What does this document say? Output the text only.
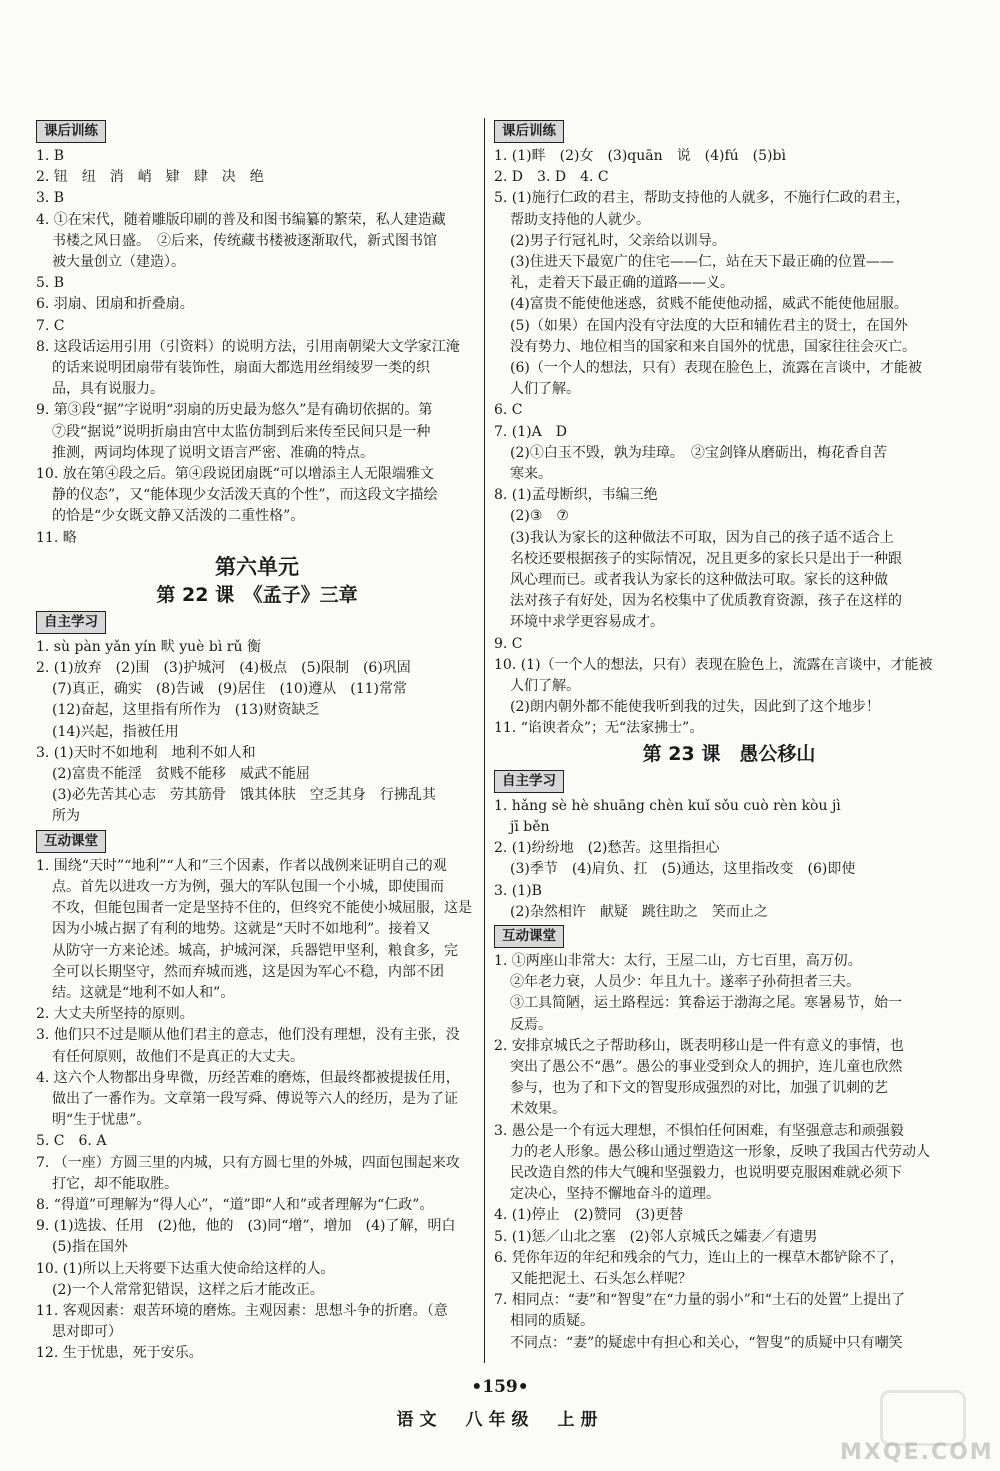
课后训练
1. B
2. 钮　纽　消　峭　肄　肆　决　绝
3. B
4. ①在宋代，随着雕版印刷的普及和图书编纂的繁荣，私人建造藏
书楼之风日盛。　②后来，传统藏书楼被逐渐取代，新式图书馆
被大量创立（建造）。
5. B
6. 羽扇、团扇和折叠扇。
7. C
8. 这段话运用引用（引资料）的说明方法，引用南朝梁大文学家江淹
的话来说明团扇带有装饰性，扇面大都选用丝绢绫罗一类的织
品，具有说服力。
9. 第③段“据”字说明“羽扇的历史最为悠久”是有确切依据的。第
⑦段“据说”说明折扇由宫中太监仿制到后来传至民间只是一种
推测，两词均体现了说明文语言严密、准确的特点。
10. 放在第④段之后。第④段说团扇既“可以增添主人无限端雅文
静的仪态”，又“能体现少女活泼天真的个性”，而这段文字描绘
的恰是“少女既文静又活泼的二重性格”。
11. 略
第六单元
第 22 课　《孟子》三章
自主学习
1. sù pàn yǎn yín 畎 yuè bì rǔ 衡
2. (1)放弃　(2)围　(3)护城河　(4)极点　(5)限制　(6)巩固
(7)真正，确实　(8)告诫　(9)居住　(10)遵从　(11)常常
(12)奋起，这里指有所作为　(13)财资缺乏
(14)兴起，指被任用
3. (1)天时不如地利　地利不如人和
(2)富贵不能淫　贫贱不能移　威武不能屈
(3)必先苦其心志　劳其筋骨　饿其体肤　空乏其身　行拂乱其
所为
互动课堂
1. 围绕“天时”“地利”“人和”三个因素，作者以战例来证明自己的观
点。首先以进攻一方为例，强大的军队包围一个小城，即使围而
不攻，但能包围者一定是坚持不住的，但终究不能使小城屈服，这是
因为小城占据了有利的地势。这就是“天时不如地利”。接着又
从防守一方来论述。城高，护城河深，兵器铠甲坚利，粮食多，完
全可以长期坚守，然而弃城而逃，这是因为军心不稳，内部不团
结。这就是“地利不如人和”。
2. 大丈夫所坚持的原则。
3. 他们只不过是顺从他们君主的意志，他们没有理想，没有主张，没
有任何原则，故他们不是真正的大丈夫。
4. 这六个人物都出身卑微，历经苦难的磨炼，但最终都被提拔任用，
做出了一番作为。文章第一段写舜、傅说等六人的经历，是为了证
明“生于忧患”。
5. C　6. A
7. （一座）方圆三里的内城，只有方圆七里的外城，四面包围起来攻
打它，却不能取胜。
8. “得道”可理解为“得人心”，“道”即“人和”或者理解为“仁政”。
9. (1)选拔、任用　(2)他，他的　(3)同“增”，增加　(4)了解，明白
(5)指在国外
10. (1)所以上天将要下达重大使命给这样的人。
(2)一个人常常犯错误，这样之后才能改正。
11. 客观因素：艰苦环境的磨炼。主观因素：思想斗争的折磨。（意
思对即可）
12. 生于忧患，死于安乐。
课后训练
1. (1)畔　(2)女　(3)quān　说　(4)fú　(5)bì
2. D　3. D　4. C
5. (1)施行仁政的君主，帮助支持他的人就多，不施行仁政的君主，
帮助支持他的人就少。
(2)男子行冠礼时，父亲给以训导。
(3)住进天下最宽广的住宅——仁，站在天下最正确的位置——
礼，走着天下最正确的道路——义。
(4)富贵不能使他迷惑，贫贱不能使他动摇，威武不能使他屈服。
(5)（如果）在国内没有守法度的大臣和辅佐君主的贤士，在国外
没有势力、地位相当的国家和来自国外的忧患，国家往往会灭亡。
(6)（一个人的想法，只有）表现在脸色上，流露在言谈中，才能被
人们了解。
6. C
7. (1)A　D
(2)①白玉不毁，孰为珪璋。　②宝剑锋从磨砺出，梅花香自苦
寒来。
8. (1)孟母断织，韦编三绝
(2)③　⑦
(3)我认为家长的这种做法不可取，因为自己的孩子适不适合上
名校还要根据孩子的实际情况，况且更多的家长只是出于一种跟
风心理而已。或者我认为家长的这种做法可取。家长的这种做
法对孩子有好处，因为名校集中了优质教育资源，孩子在这样的
环境中求学更容易成才。
9. C
10. (1)（一个人的想法，只有）表现在脸色上，流露在言谈中，才能被
人们了解。
(2)朗内朝外都不能使我听到我的过失，因此到了这个地步！
11. “谄谀者众”；无“法家拂士”。
第 23 课　愚公移山
自主学习
1. hǎng sè hè shuāng chèn kuǐ sǒu cuò rèn kòu jì
jī běn
2. (1)纷纷地　(2)愁苦。这里指担心
(3)季节　(4)肩负、扛　(5)通达，这里指改变　(6)即使
3. (1)B
(2)杂然相许　献疑　跳往助之　笑而止之
互动课堂
1. ①两座山非常大：太行，王屋二山，方七百里，高万仞。
②年老力衰，人员少：年且九十。遂率子孙荷担者三夫。
③工具简陋，运土路程远：箕畚运于渤海之尾。寒暑易节，始一
反焉。
2. 安排京城氏之子帮助移山，既表明移山是一件有意义的事情，也
突出了愚公不“愚”。愚公的事业受到众人的拥护，连儿童也欣然
参与，也为了和下文的智叟形成强烈的对比，加强了讥刺的艺
术效果。
3. 愚公是一个有远大理想，不惧怕任何困难，有坚强意志和顽强毅
力的老人形象。愚公移山通过塑造这一形象，反映了我国古代劳动人
民改造自然的伟大气魄和坚强毅力，也说明要克服困难就必须下
定决心，坚持不懈地奋斗的道理。
4. (1)停止　(2)赞同　(3)更替
5. (1)惩／山北之塞　(2)邻人京城氏之孀妻／有遗男
6. 凭你年迈的年纪和残余的气力，连山上的一棵草木都铲除不了，
又能把泥土、石头怎么样呢？
7. 相同点：“妻”和“智叟”在“力量的弱小”和“土石的处置”上提出了
相同的质疑。
不同点：“妻”的疑虑中有担心和关心，“智叟”的质疑中只有嘲笑
•159•
语文　八年级　上册
MXQE.COM
